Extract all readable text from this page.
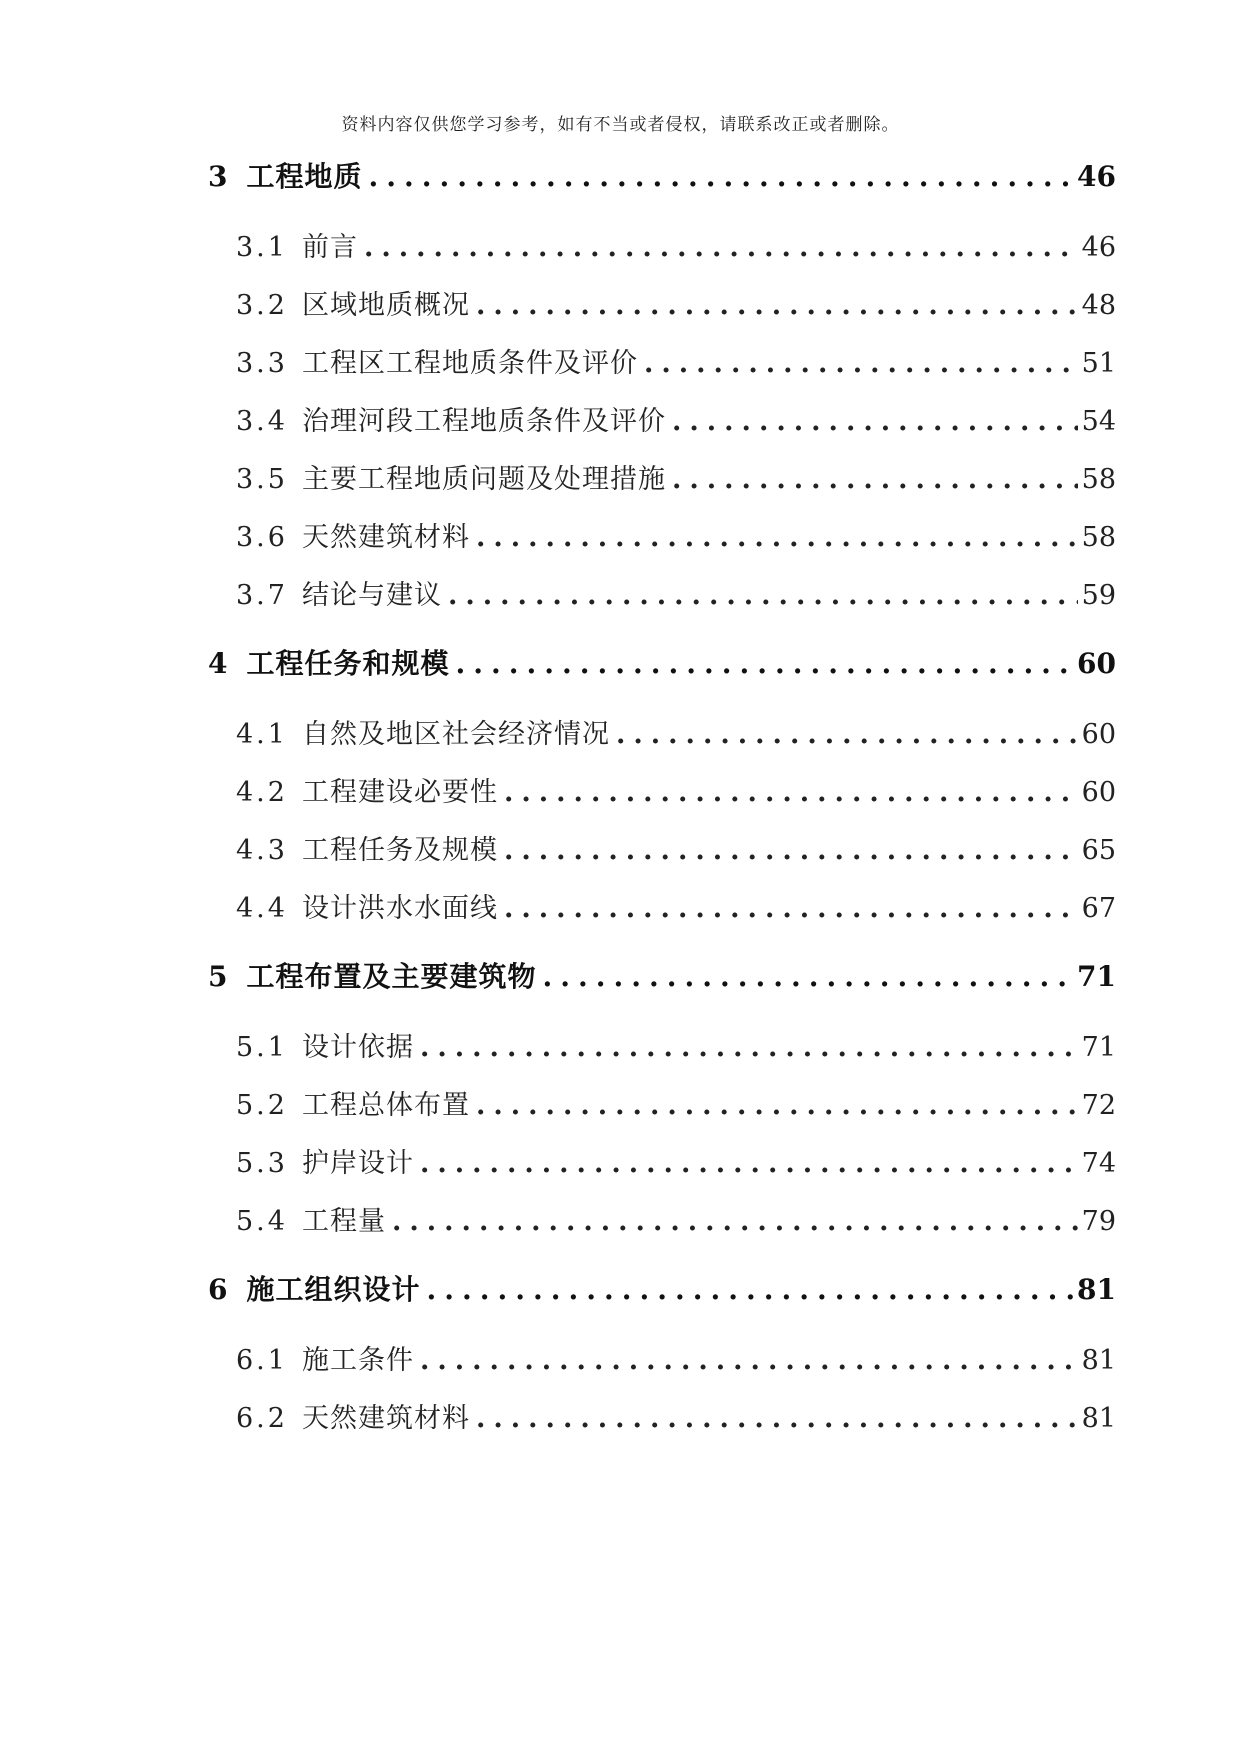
资料内容仅供您学习参考，如有不当或者侵权，请联系改正或者删除。
3 工程地质 .....	46
3.1 前言 .....	46
3.2 区域地质概况 .....	48
3.3 工程区工程地质条件及评价 .....	51
3.4 治理河段工程地质条件及评价 .....	54
3.5 主要工程地质问题及处理措施 .....	58
3.6 天然建筑材料 .....	58
3.7 结论与建议 .....	59
4 工程任务和规模 .....	60
4.1 自然及地区社会经济情况 .....	60
4.2 工程建设必要性 .....	60
4.3 工程任务及规模 .....	65
4.4 设计洪水水面线 .....	67
5 工程布置及主要建筑物 .....	71
5.1 设计依据 .....	71
5.2 工程总体布置 .....	72
5.3 护岸设计 .....	74
5.4 工程量 .....	79
6 施工组织设计 .....	81
6.1 施工条件 .....	81
6.2 天然建筑材料 .....	81
